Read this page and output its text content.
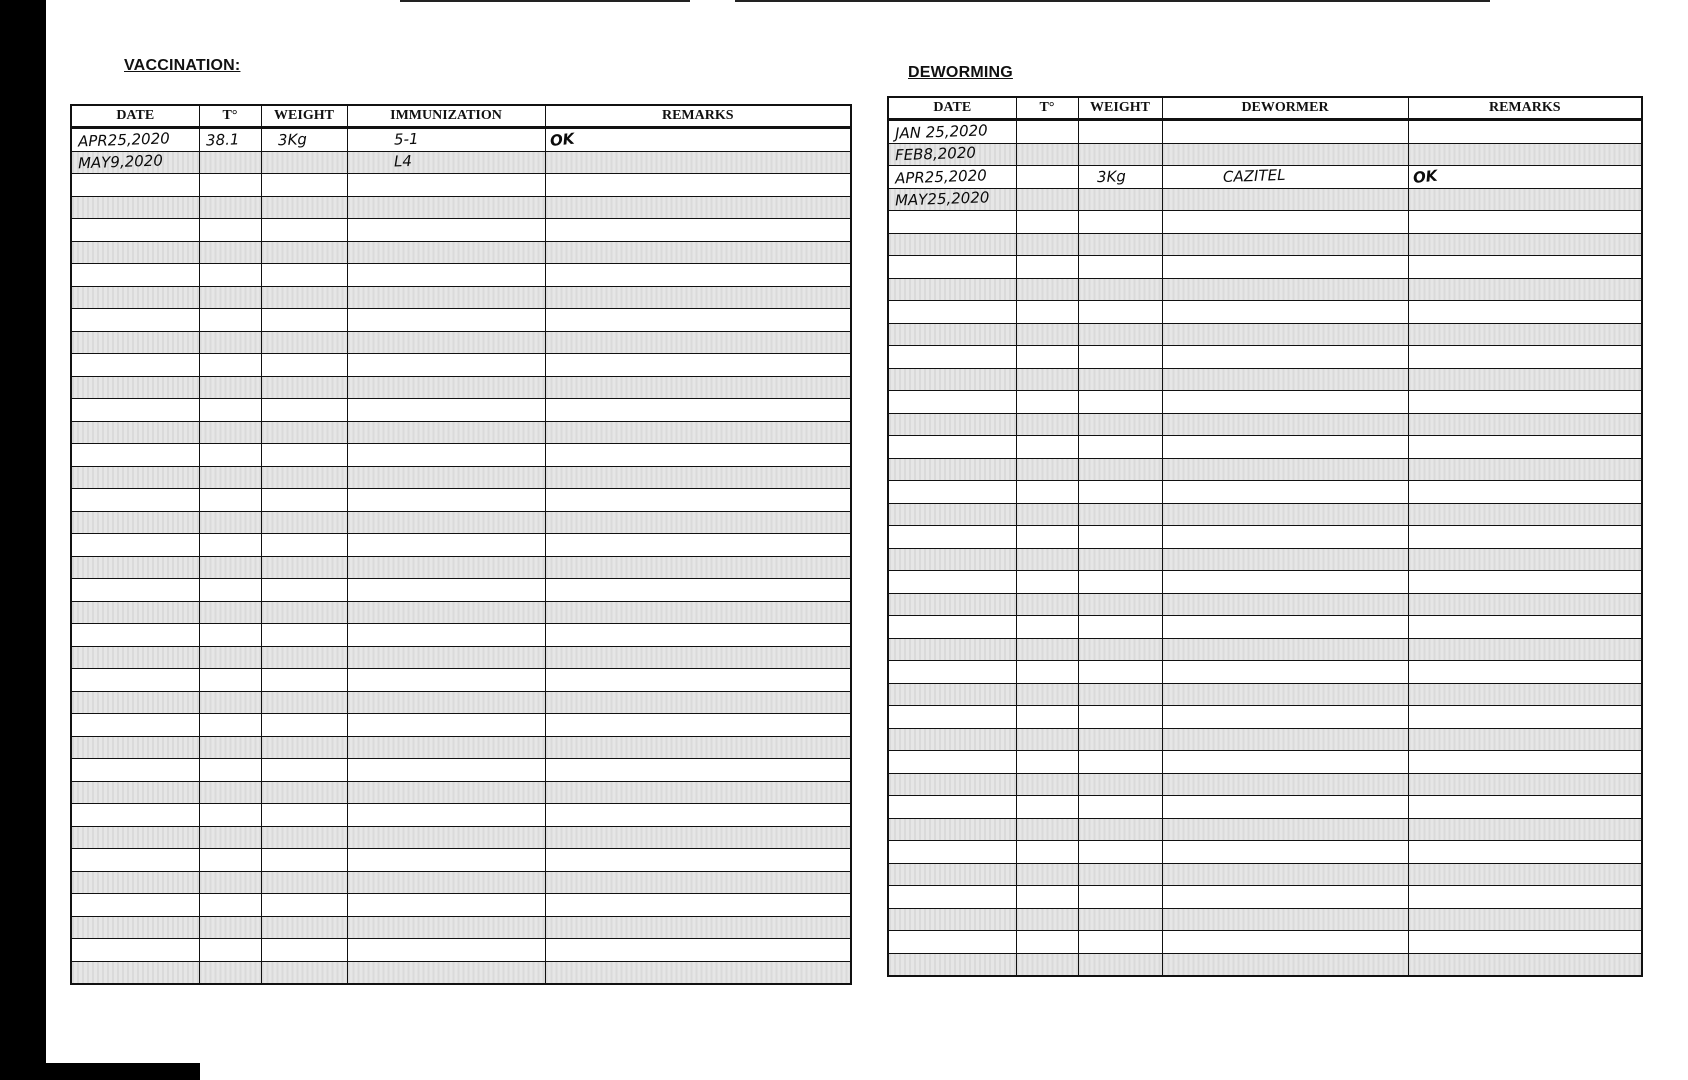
VACCINATION:	DEWORMING
DATE	T°	WEIGHT	IMMUNIZATION	REMARKS
APR25,2020	38.1	3Kg	5-1	OK
MAY9,2020			L4	

DATE	T°	WEIGHT	DEWORMER	REMARKS
JAN 25,2020				
FEB8,2020				
APR25,2020		3Kg	CAZITEL	OK
MAY25,2020				
